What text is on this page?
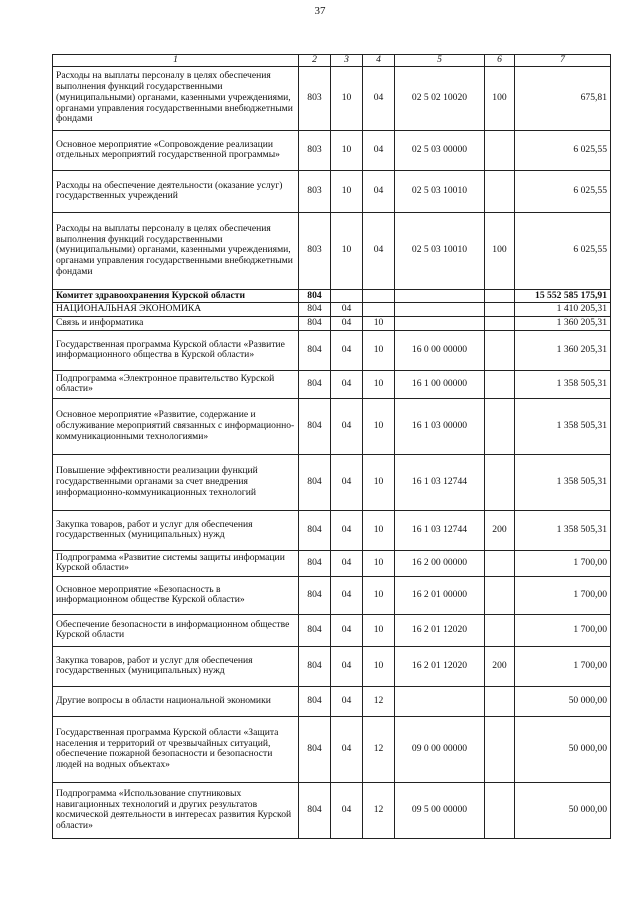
37
1	2	3	4	5	6	7
Расходы на выплаты персоналу в целях обеспечения выполнения функций государственными (муниципальными) органами, казенными учреждениями, органами управления государственными внебюджетными фондами	803	10	04	02 5 02 10020	100	675,81
Основное мероприятие «Сопровождение реализации отдельных мероприятий государственной программы»	803	10	04	02 5 03 00000		6 025,55
Расходы на обеспечение деятельности (оказание услуг) государственных учреждений	803	10	04	02 5 03 10010		6 025,55
Расходы на выплаты персоналу в целях обеспечения выполнения функций государственными (муниципальными) органами, казенными учреждениями, органами управления государственными внебюджетными фондами	803	10	04	02 5 03 10010	100	6 025,55
Комитет здравоохранения Курской области	804					15 552 585 175,91
НАЦИОНАЛЬНАЯ ЭКОНОМИКА	804	04				1 410 205,31
Связь и информатика	804	04	10			1 360 205,31
Государственная программа Курской области «Развитие информационного общества в Курской области»	804	04	10	16 0 00 00000		1 360 205,31
Подпрограмма «Электронное правительство Курской области»	804	04	10	16 1 00 00000		1 358 505,31
Основное мероприятие «Развитие, содержание и обслуживание мероприятий связанных с информационно-коммуникационными технологиями»	804	04	10	16 1 03 00000		1 358 505,31
Повышение эффективности реализации функций государственными органами за счет внедрения информационно-коммуникационных технологий	804	04	10	16 1 03 12744		1 358 505,31
Закупка товаров, работ и услуг для обеспечения государственных (муниципальных) нужд	804	04	10	16 1 03 12744	200	1 358 505,31
Подпрограмма «Развитие системы защиты информации Курской области»	804	04	10	16 2 00 00000		1 700,00
Основное мероприятие «Безопасность в информационном обществе Курской области»	804	04	10	16 2 01 00000		1 700,00
Обеспечение безопасности в информационном обществе Курской области	804	04	10	16 2 01 12020		1 700,00
Закупка товаров, работ и услуг для обеспечения государственных (муниципальных) нужд	804	04	10	16 2 01 12020	200	1 700,00
Другие вопросы в области национальной экономики	804	04	12			50 000,00
Государственная программа Курской области «Защита населения и территорий от чрезвычайных ситуаций, обеспечение пожарной безопасности и безопасности людей на водных объектах»	804	04	12	09 0 00 00000		50 000,00
Подпрограмма «Использование спутниковых навигационных технологий и других результатов космической деятельности в интересах развития Курской области»	804	04	12	09 5 00 00000		50 000,00
